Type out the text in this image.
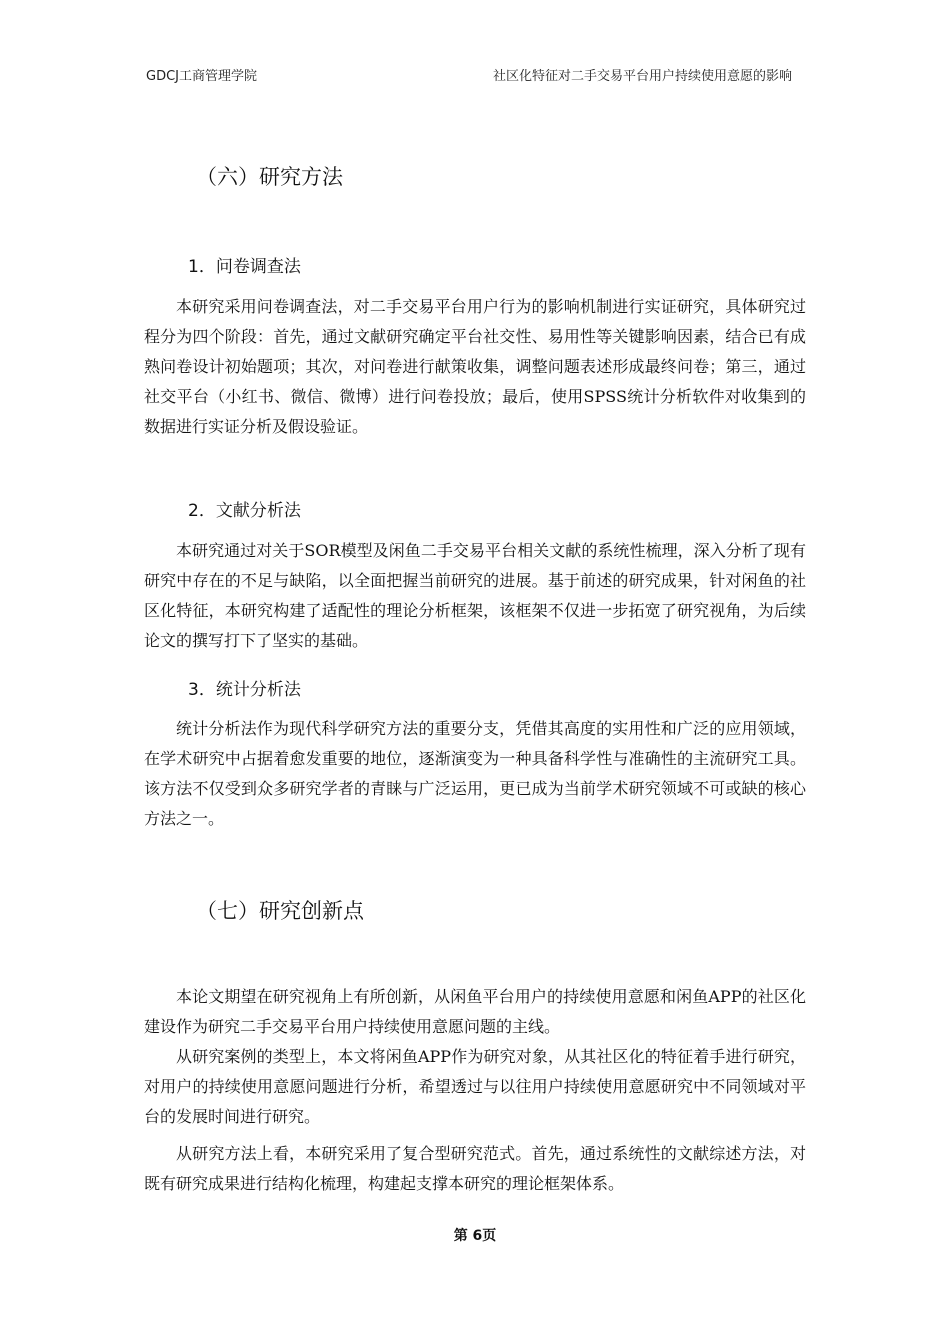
GDCJ工商管理学院	社区化特征对二手交易平台用户持续使用意愿的影响
（六）研究方法
1．问卷调查法

本研究采用问卷调查法，对二手交易平台用户行为的影响机制进行实证研究，具体研究过程分为四个阶段：首先，通过文献研究确定平台社交性、易用性等关键影响因素，结合已有成熟问卷设计初始题项；其次，对问卷进行献策收集，调整问题表述形成最终问卷；第三，通过社交平台（小红书、微信、微博）进行问卷投放；最后，使用SPSS统计分析软件对收集到的数据进行实证分析及假设验证。

2．文献分析法

本研究通过对关于SOR模型及闲鱼二手交易平台相关文献的系统性梳理，深入分析了现有研究中存在的不足与缺陷，以全面把握当前研究的进展。基于前述的研究成果，针对闲鱼的社区化特征，本研究构建了适配性的理论分析框架，该框架不仅进一步拓宽了研究视角，为后续论文的撰写打下了坚实的基础。

3．统计分析法

统计分析法作为现代科学研究方法的重要分支，凭借其高度的实用性和广泛的应用领域，在学术研究中占据着愈发重要的地位，逐渐演变为一种具备科学性与准确性的主流研究工具。该方法不仅受到众多研究学者的青睐与广泛运用，更已成为当前学术研究领域不可或缺的核心方法之一。

（七）研究创新点

本论文期望在研究视角上有所创新，从闲鱼平台用户的持续使用意愿和闲鱼APP的社区化建设作为研究二手交易平台用户持续使用意愿问题的主线。

从研究案例的类型上，本文将闲鱼APP作为研究对象，从其社区化的特征着手进行研究，对用户的持续使用意愿问题进行分析，希望透过与以往用户持续使用意愿研究中不同领域对平台的发展时间进行研究。

从研究方法上看，本研究采用了复合型研究范式。首先，通过系统性的文献综述方法，对既有研究成果进行结构化梳理，构建起支撑本研究的理论框架体系。

第 6页
